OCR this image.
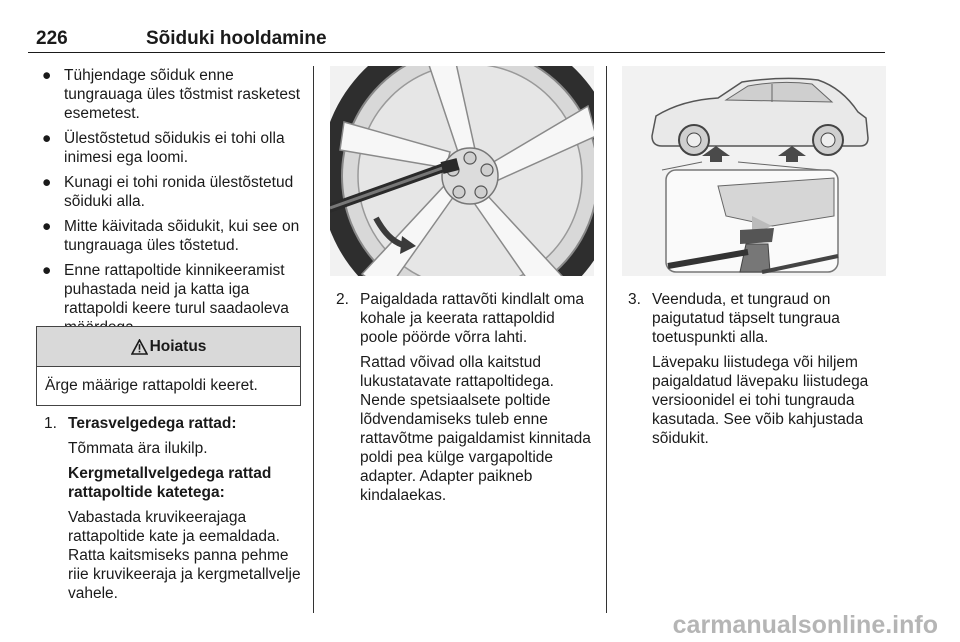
226	Sõiduki hooldamine
● Tühjendage sõiduk enne tungrauaga üles tõstmist rasketest esemetest.
● Ülestõstetud sõidukis ei tohi olla inimesi ega loomi.
● Kunagi ei tohi ronida ülestõstetud sõiduki alla.
● Mitte käivitada sõidukit, kui see on tungrauaga üles tõstetud.
● Enne rattapoltide kinnikeeramist puhastada neid ja katta iga rattapoldi keere turul saadaoleva
Hoiatus
Ärge määrige rattapoldi keeret.
1. Terasvelgedega rattad:

Tõmmata ära ilukilp.

Kergmetallvelgedega rattad rattapoltide katetega:

Vabastada kruvikeerajaga rattapoltide kate ja eemaldada. Ratta kaitsmiseks panna pehme riie kruvikeeraja ja kergmetallvelje vahele.

2. Paigaldada rattavõti kindlalt oma kohale ja keerata rattapoldid poole pöörde võrra lahti.

Rattad võivad olla kaitstud lukustatavate rattapoltidega. Nende spetsiaalsete poltide lõdvendamiseks tuleb enne rattavõtme paigaldamist kinnitada poldi pea külge vargapoltide adapter. Adapter paikneb kindalaekas.

3. Veenduda, et tungraud on paigutatud täpselt tungraua toetuspunkti alla.

Lävepaku liistudega või hiljem paigaldatud lävepaku liistudega versioonidel ei tohi tungrauda kasutada. See võib kahjustada sõidukit.

carmanualsonline.info
